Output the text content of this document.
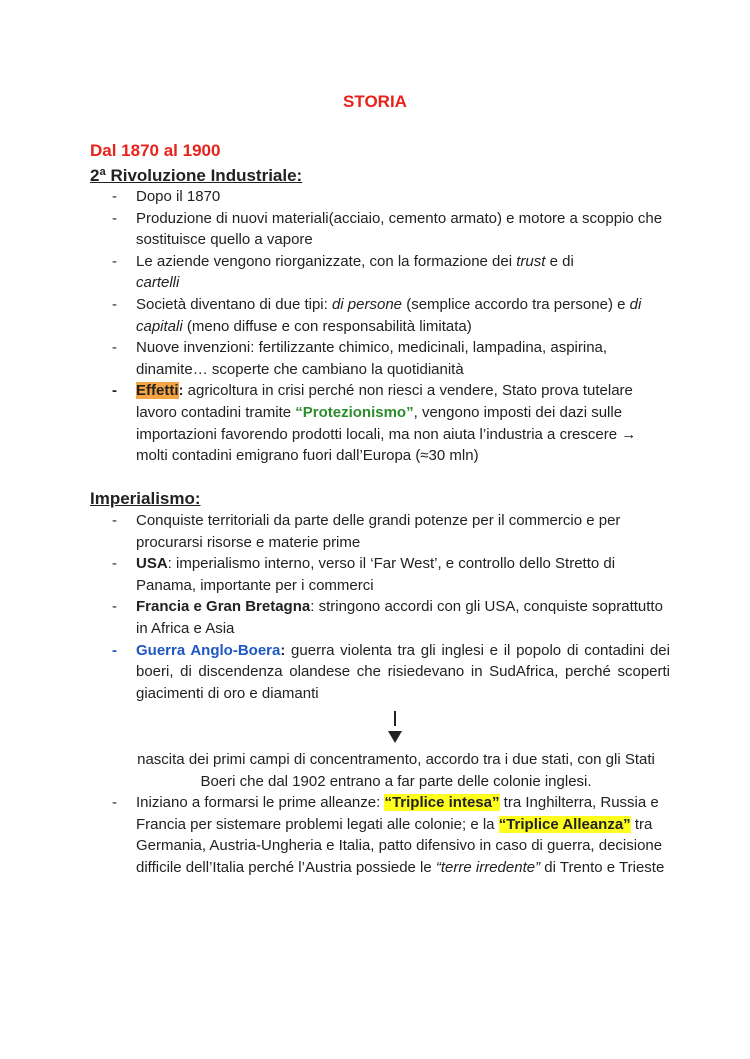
STORIA
Dal 1870 al 1900
2ª Rivoluzione Industriale:
- Dopo il 1870
- Produzione di nuovi materiali(acciaio, cemento armato) e motore a scoppio che sostituisce quello a vapore
- Le aziende vengono riorganizzate, con la formazione dei trust e di
cartelli
- Società diventano di due tipi: di persone (semplice accordo tra persone) e di capitali (meno diffuse e con responsabilità limitata)
- Nuove invenzioni: fertilizzante chimico, medicinali, lampadina, aspirina, dinamite… scoperte che cambiano la quotidianità
- Effetti: agricoltura in crisi perché non riesci a vendere, Stato prova tutelare lavoro contadini tramite “Protezionismo”, vengono imposti dei dazi sulle importazioni favorendo prodotti locali, ma non aiuta l’industria a crescere → molti contadini emigrano fuori dall’Europa (≈30 mln)
Imperialismo:
- Conquiste territoriali da parte delle grandi potenze per il commercio e per procurarsi risorse e materie prime
- USA: imperialismo interno, verso il ‘Far West’, e controllo dello Stretto di Panama, importante per i commerci
- Francia e Gran Bretagna: stringono accordi con gli USA, conquiste soprattutto in Africa e Asia
- Guerra Anglo-Boera: guerra violenta tra gli inglesi e il popolo di contadini dei boeri, di discendenza olandese che risiedevano in SudAfrica, perché scoperti giacimenti di oro e diamanti
nascita dei primi campi di concentramento, accordo tra i due stati, con gli Stati Boeri che dal 1902 entrano a far parte delle colonie inglesi.
- Iniziano a formarsi le prime alleanze: “Triplice intesa” tra Inghilterra, Russia e Francia per sistemare problemi legati alle colonie; e la “Triplice Alleanza” tra Germania, Austria-Ungheria e Italia, patto difensivo in caso di guerra, decisione difficile dell’Italia perché l’Austria possiede le “terre irredente” di Trento e Trieste
